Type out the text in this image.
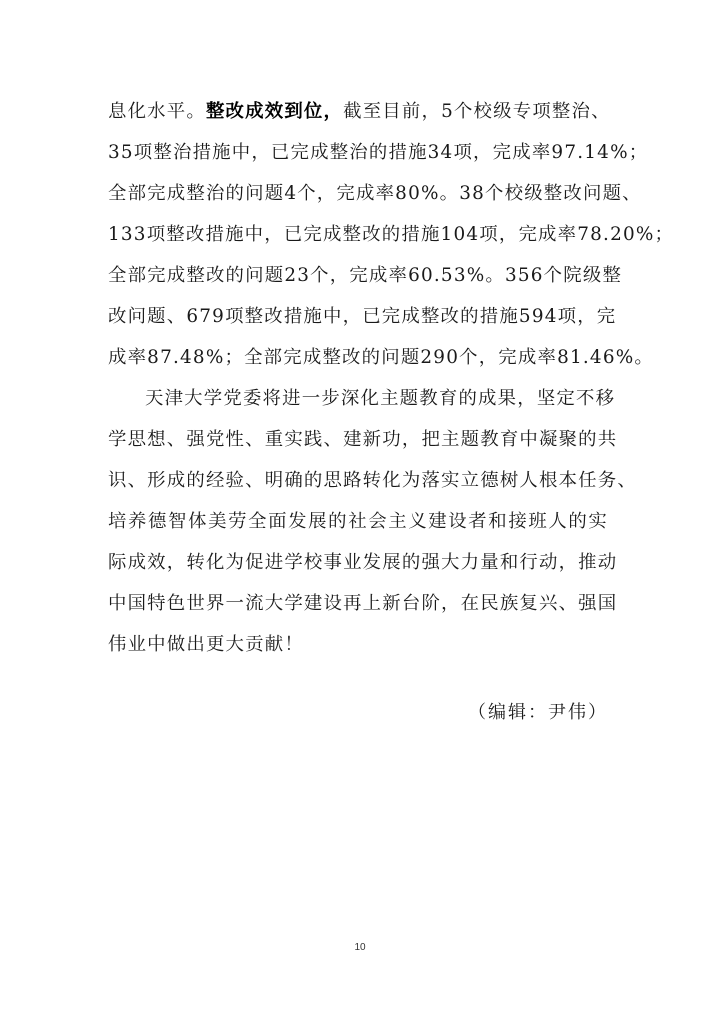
息化水平。整改成效到位，截至目前，5个校级专项整治、
35项整治措施中，已完成整治的措施34项，完成率97.14%；
全部完成整治的问题4个，完成率80%。38个校级整改问题、
133项整改措施中，已完成整改的措施104项，完成率78.20%；
全部完成整改的问题23个，完成率60.53%。356个院级整
改问题、679项整改措施中，已完成整改的措施594项，完
成率87.48%；全部完成整改的问题290个，完成率81.46%。
天津大学党委将进一步深化主题教育的成果，坚定不移
学思想、强党性、重实践、建新功，把主题教育中凝聚的共
识、形成的经验、明确的思路转化为落实立德树人根本任务、
培养德智体美劳全面发展的社会主义建设者和接班人的实
际成效，转化为促进学校事业发展的强大力量和行动，推动
中国特色世界一流大学建设再上新台阶，在民族复兴、强国
伟业中做出更大贡献！
（编辑：尹伟）
10
